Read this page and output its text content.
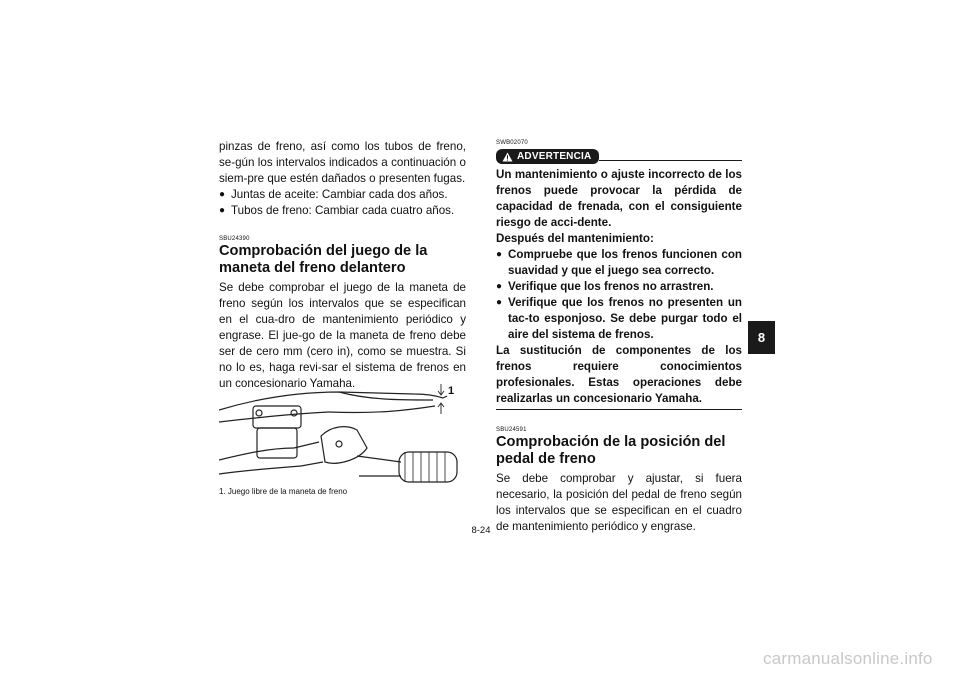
pinzas de freno, así como los tubos de freno, se-gún los intervalos indicados a continuación o siem-pre que estén dañados o presenten fugas.

● Juntas de aceite: Cambiar cada dos años.
● Tubos de freno: Cambiar cada cuatro años.
SBU24390
Comprobación del juego de la maneta del freno delantero

Se debe comprobar el juego de la maneta de freno según los intervalos que se especifican en el cua-dro de mantenimiento periódico y engrase. El jue-go de la maneta de freno debe ser de cero mm (cero in), como se muestra. Si no lo es, haga revi-sar el sistema de frenos en un concesionario Yamaha.

1
1. Juego libre de la maneta de freno
SWB02070
ADVERTENCIA

Un mantenimiento o ajuste incorrecto de los frenos puede provocar la pérdida de capacidad de frenada, con el consiguiente riesgo de acci-dente.

Después del mantenimiento:

● Compruebe que los frenos funcionen con suavidad y que el juego sea correcto.
● Verifique que los frenos no arrastren.
● Verifique que los frenos no presenten un tac-to esponjoso. Se debe purgar todo el aire del sistema de frenos.

La sustitución de componentes de los frenos requiere conocimientos profesionales. Estas operaciones debe realizarlas un concesionario Yamaha.

SBU24591
Comprobación de la posición del pedal de freno

Se debe comprobar y ajustar, si fuera necesario, la posición del pedal de freno según los intervalos que se especifican en el cuadro de mantenimiento periódico y engrase.

8
8-24
carmanualsonline.info
